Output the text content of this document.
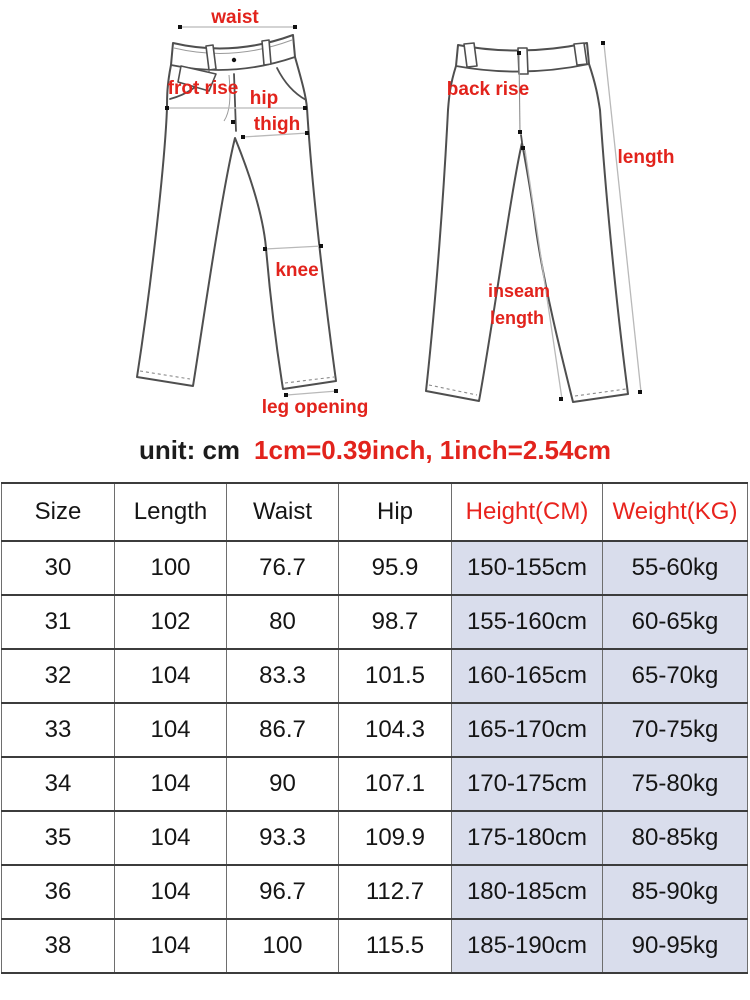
waist
frot rise hip
thigh
knee
leg opening
back rise
length
inseam
length
unit: cm 1cm=0.39inch, 1inch=2.54cm
Size	Length	Waist	Hip	Height(CM)	Weight(KG)
30	100	76.7	95.9	150-155cm	55-60kg
31	102	80	98.7	155-160cm	60-65kg
32	104	83.3	101.5	160-165cm	65-70kg
33	104	86.7	104.3	165-170cm	70-75kg
34	104	90	107.1	170-175cm	75-80kg
35	104	93.3	109.9	175-180cm	80-85kg
36	104	96.7	112.7	180-185cm	85-90kg
38	104	100	115.5	185-190cm	90-95kg
